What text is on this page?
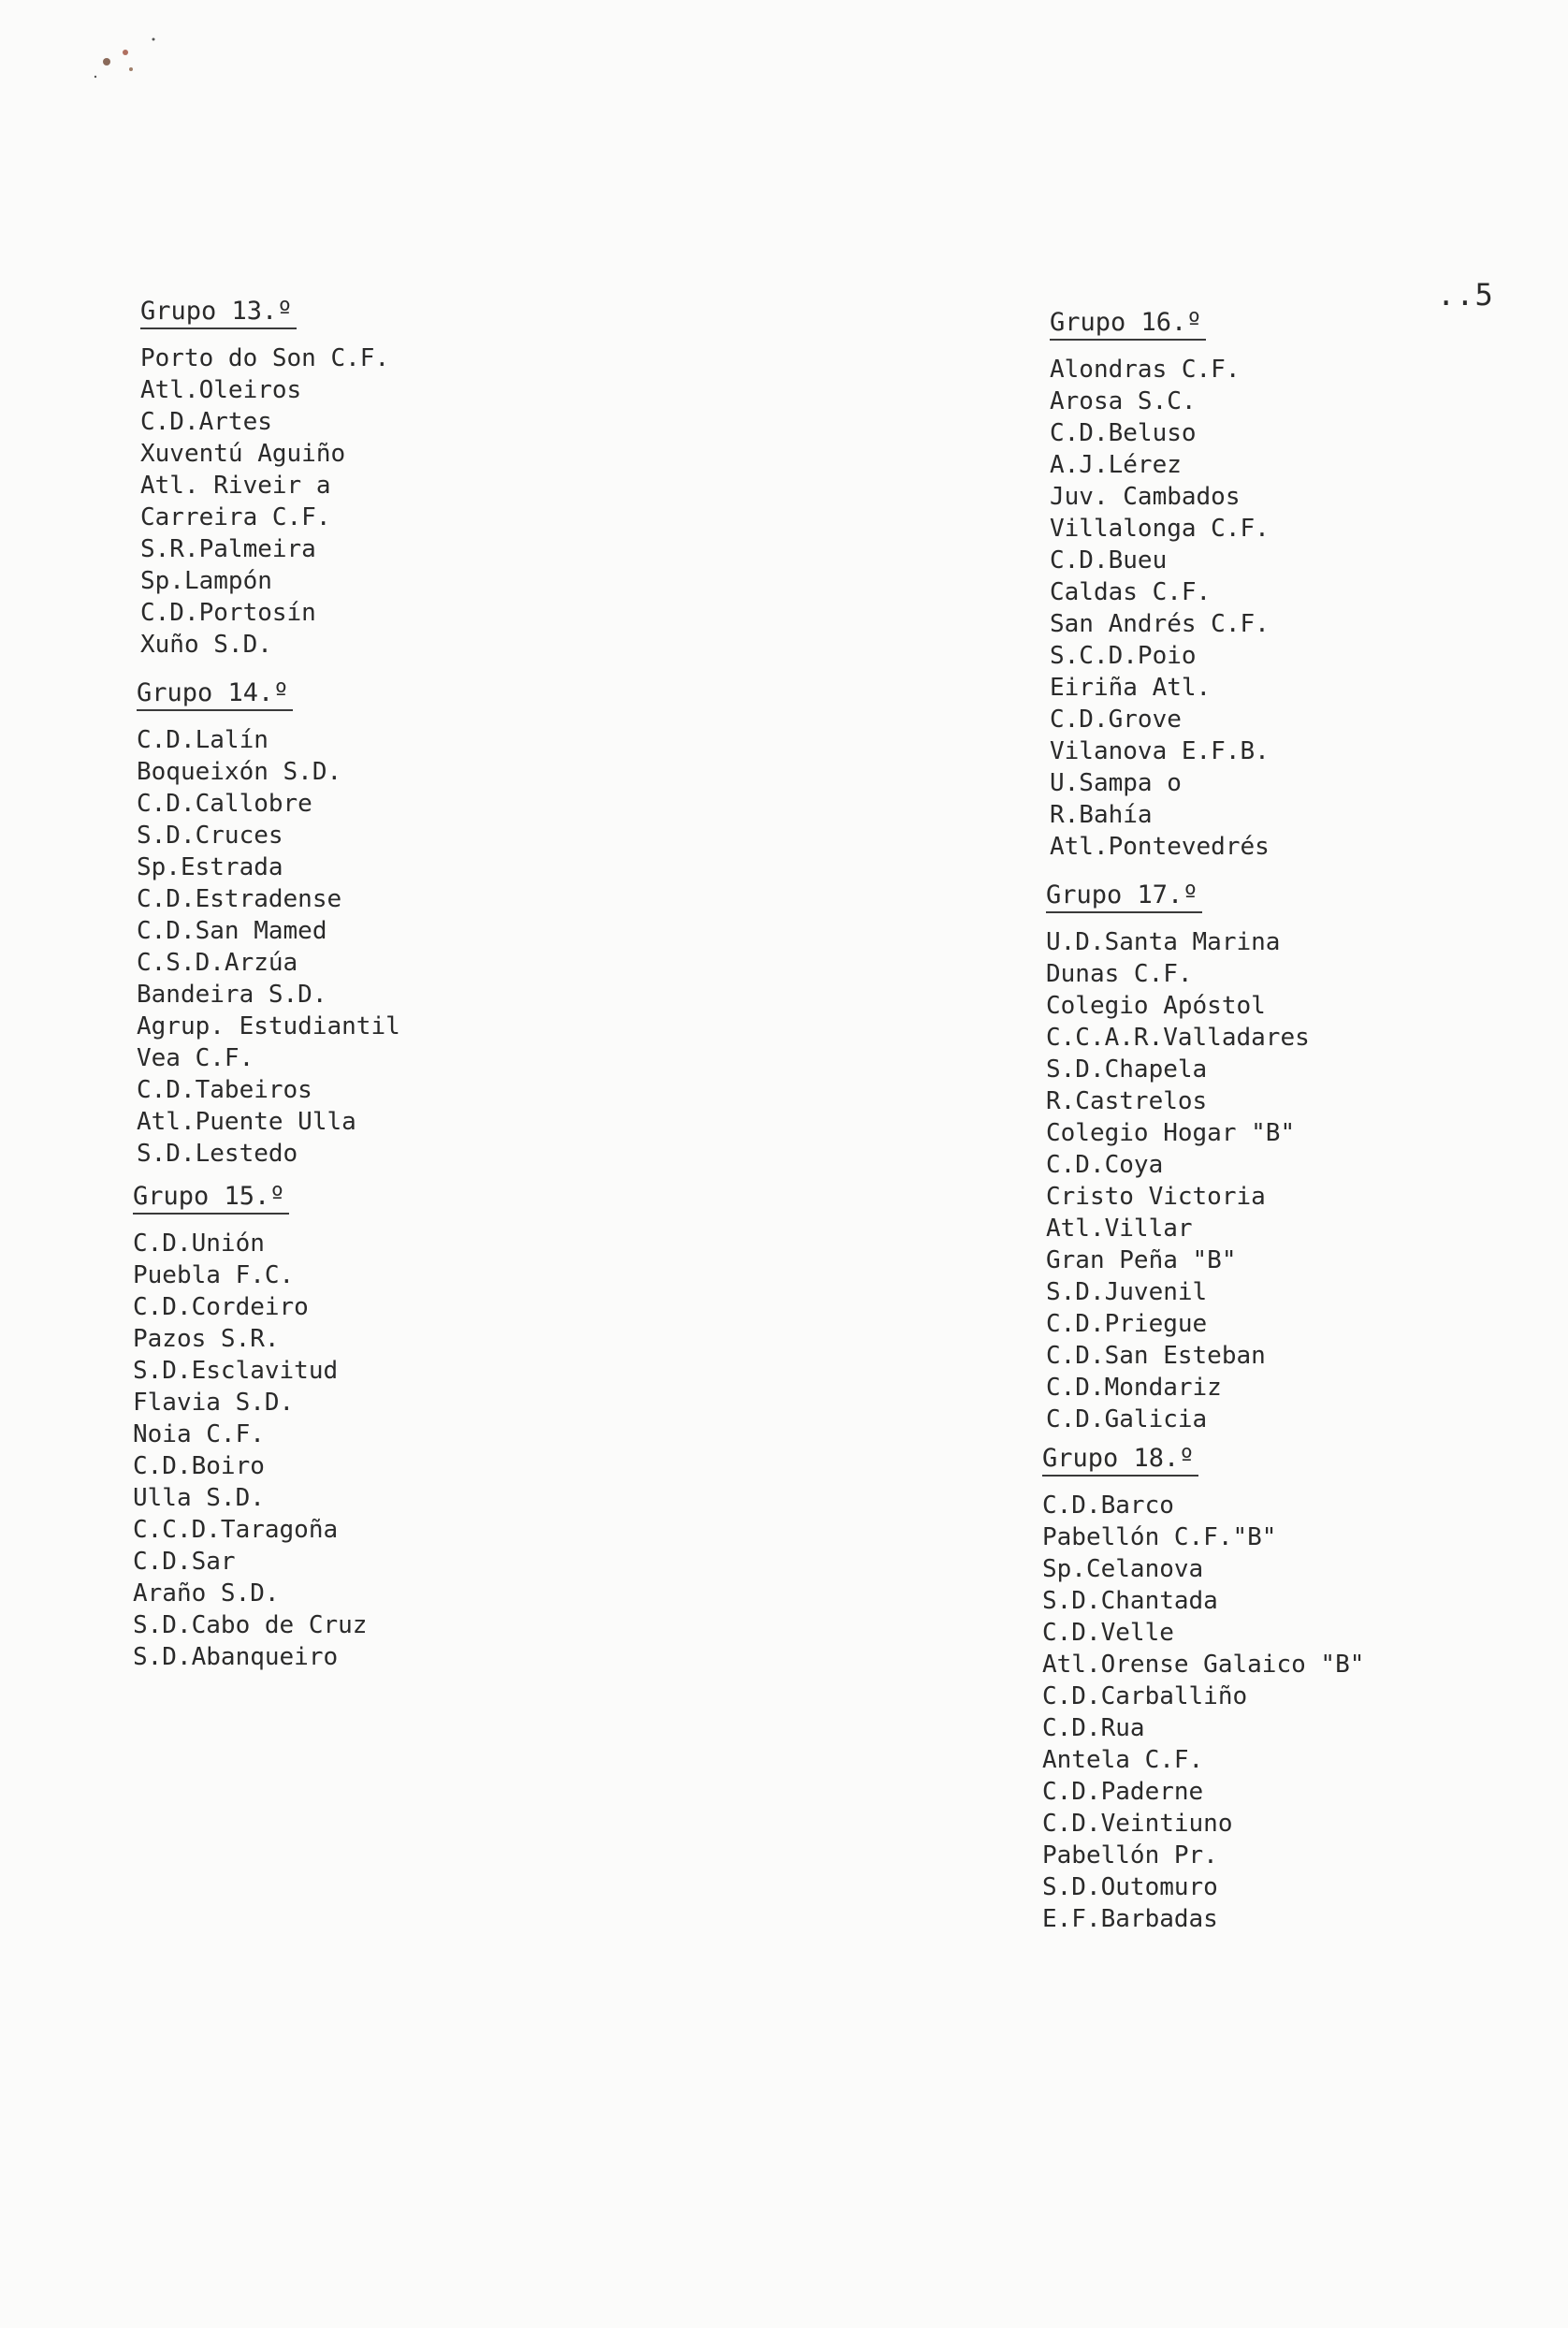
..5
Grupo 13.º
Porto do Son C.F.
Atl.Oleiros
C.D.Artes
Xuventú Aguiño
Atl. Riveir a
Carreira C.F.
S.R.Palmeira
Sp.Lampón
C.D.Portosín
Xuño S.D.
Grupo 14.º
C.D.Lalín
Boqueixón S.D.
C.D.Callobre
S.D.Cruces
Sp.Estrada
C.D.Estradense
C.D.San Mamed
C.S.D.Arzúa
Bandeira S.D.
Agrup. Estudiantil
Vea C.F.
C.D.Tabeiros
Atl.Puente Ulla
S.D.Lestedo
Grupo 15.º
C.D.Unión
Puebla F.C.
C.D.Cordeiro
Pazos S.R.
S.D.Esclavitud
Flavia S.D.
Noia C.F.
C.D.Boiro
Ulla S.D.
C.C.D.Taragoña
C.D.Sar
Araño S.D.
S.D.Cabo de Cruz
S.D.Abanqueiro
Grupo 16.º
Alondras C.F.
Arosa S.C.
C.D.Beluso
A.J.Lérez
Juv. Cambados
Villalonga C.F.
C.D.Bueu
Caldas C.F.
San Andrés C.F.
S.C.D.Poio
Eiriña Atl.
C.D.Grove
Vilanova E.F.B.
U.Sampa o
R.Bahía
Atl.Pontevedrés
Grupo 17.º
U.D.Santa Marina
Dunas C.F.
Colegio Apóstol
C.C.A.R.Valladares
S.D.Chapela
R.Castrelos
Colegio Hogar "B"
C.D.Coya
Cristo Victoria
Atl.Villar
Gran Peña "B"
S.D.Juvenil
C.D.Priegue
C.D.San Esteban
C.D.Mondariz
C.D.Galicia
Grupo 18.º
C.D.Barco
Pabellón C.F."B"
Sp.Celanova
S.D.Chantada
C.D.Velle
Atl.Orense Galaico "B"
C.D.Carballiño
C.D.Rua
Antela C.F.
C.D.Paderne
C.D.Veintiuno
Pabellón Pr.
S.D.Outomuro
E.F.Barbadas
